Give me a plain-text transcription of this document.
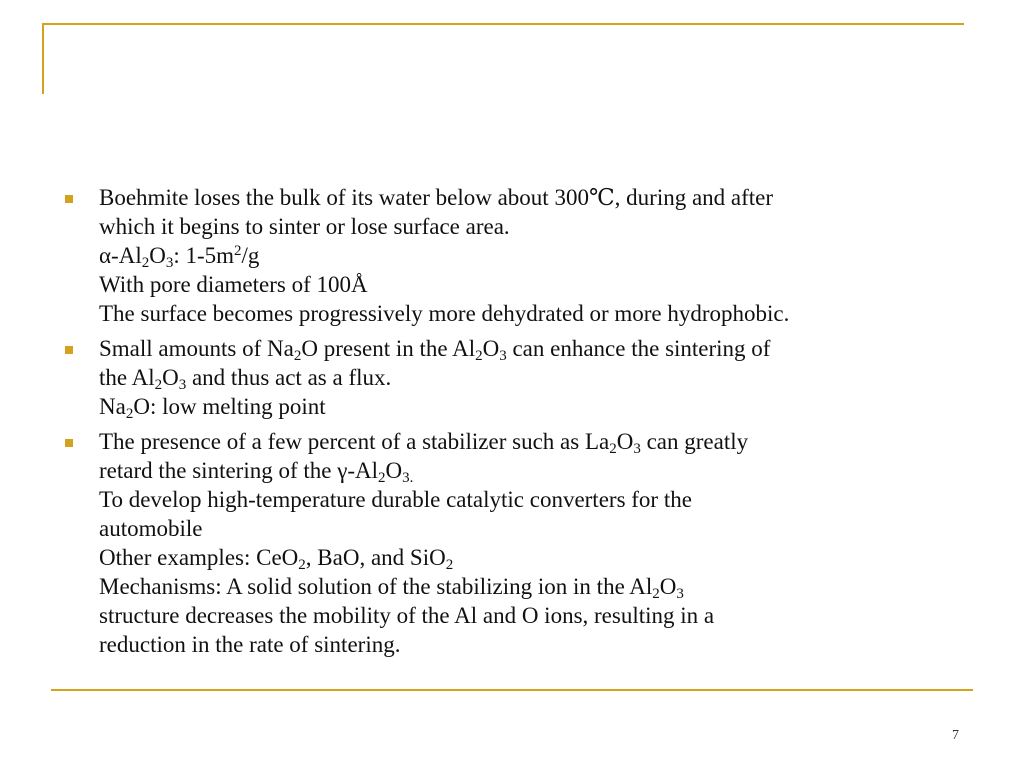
Boehmite loses the bulk of its water below about 300℃, during and after
which it begins to sinter or lose surface area.
$\alpha-Al_2O_3$: $1-5m^2/g$
With pore diameters of 100Å
The surface becomes progressively more dehydrated or more hydrophobic.
Small amounts of $Na_2O$ present in the $Al_2O_3$ can enhance the sintering of
the $Al_2O_3$ and thus act as a flux.
$Na_2O$: low melting point
The presence of a few percent of a stabilizer such as $La_2O_3$ can greatly
retard the sintering of the $\gamma-Al_2O_{3.}$
To develop high-temperature durable catalytic converters for the
automobile
Other examples: CeO$_2$, BaO, and SiO$_2$
Mechanisms: A solid solution of the stabilizing ion in the $Al_2O_3$
structure decreases the mobility of the Al and O ions, resulting in a
reduction in the rate of sintering.
7
